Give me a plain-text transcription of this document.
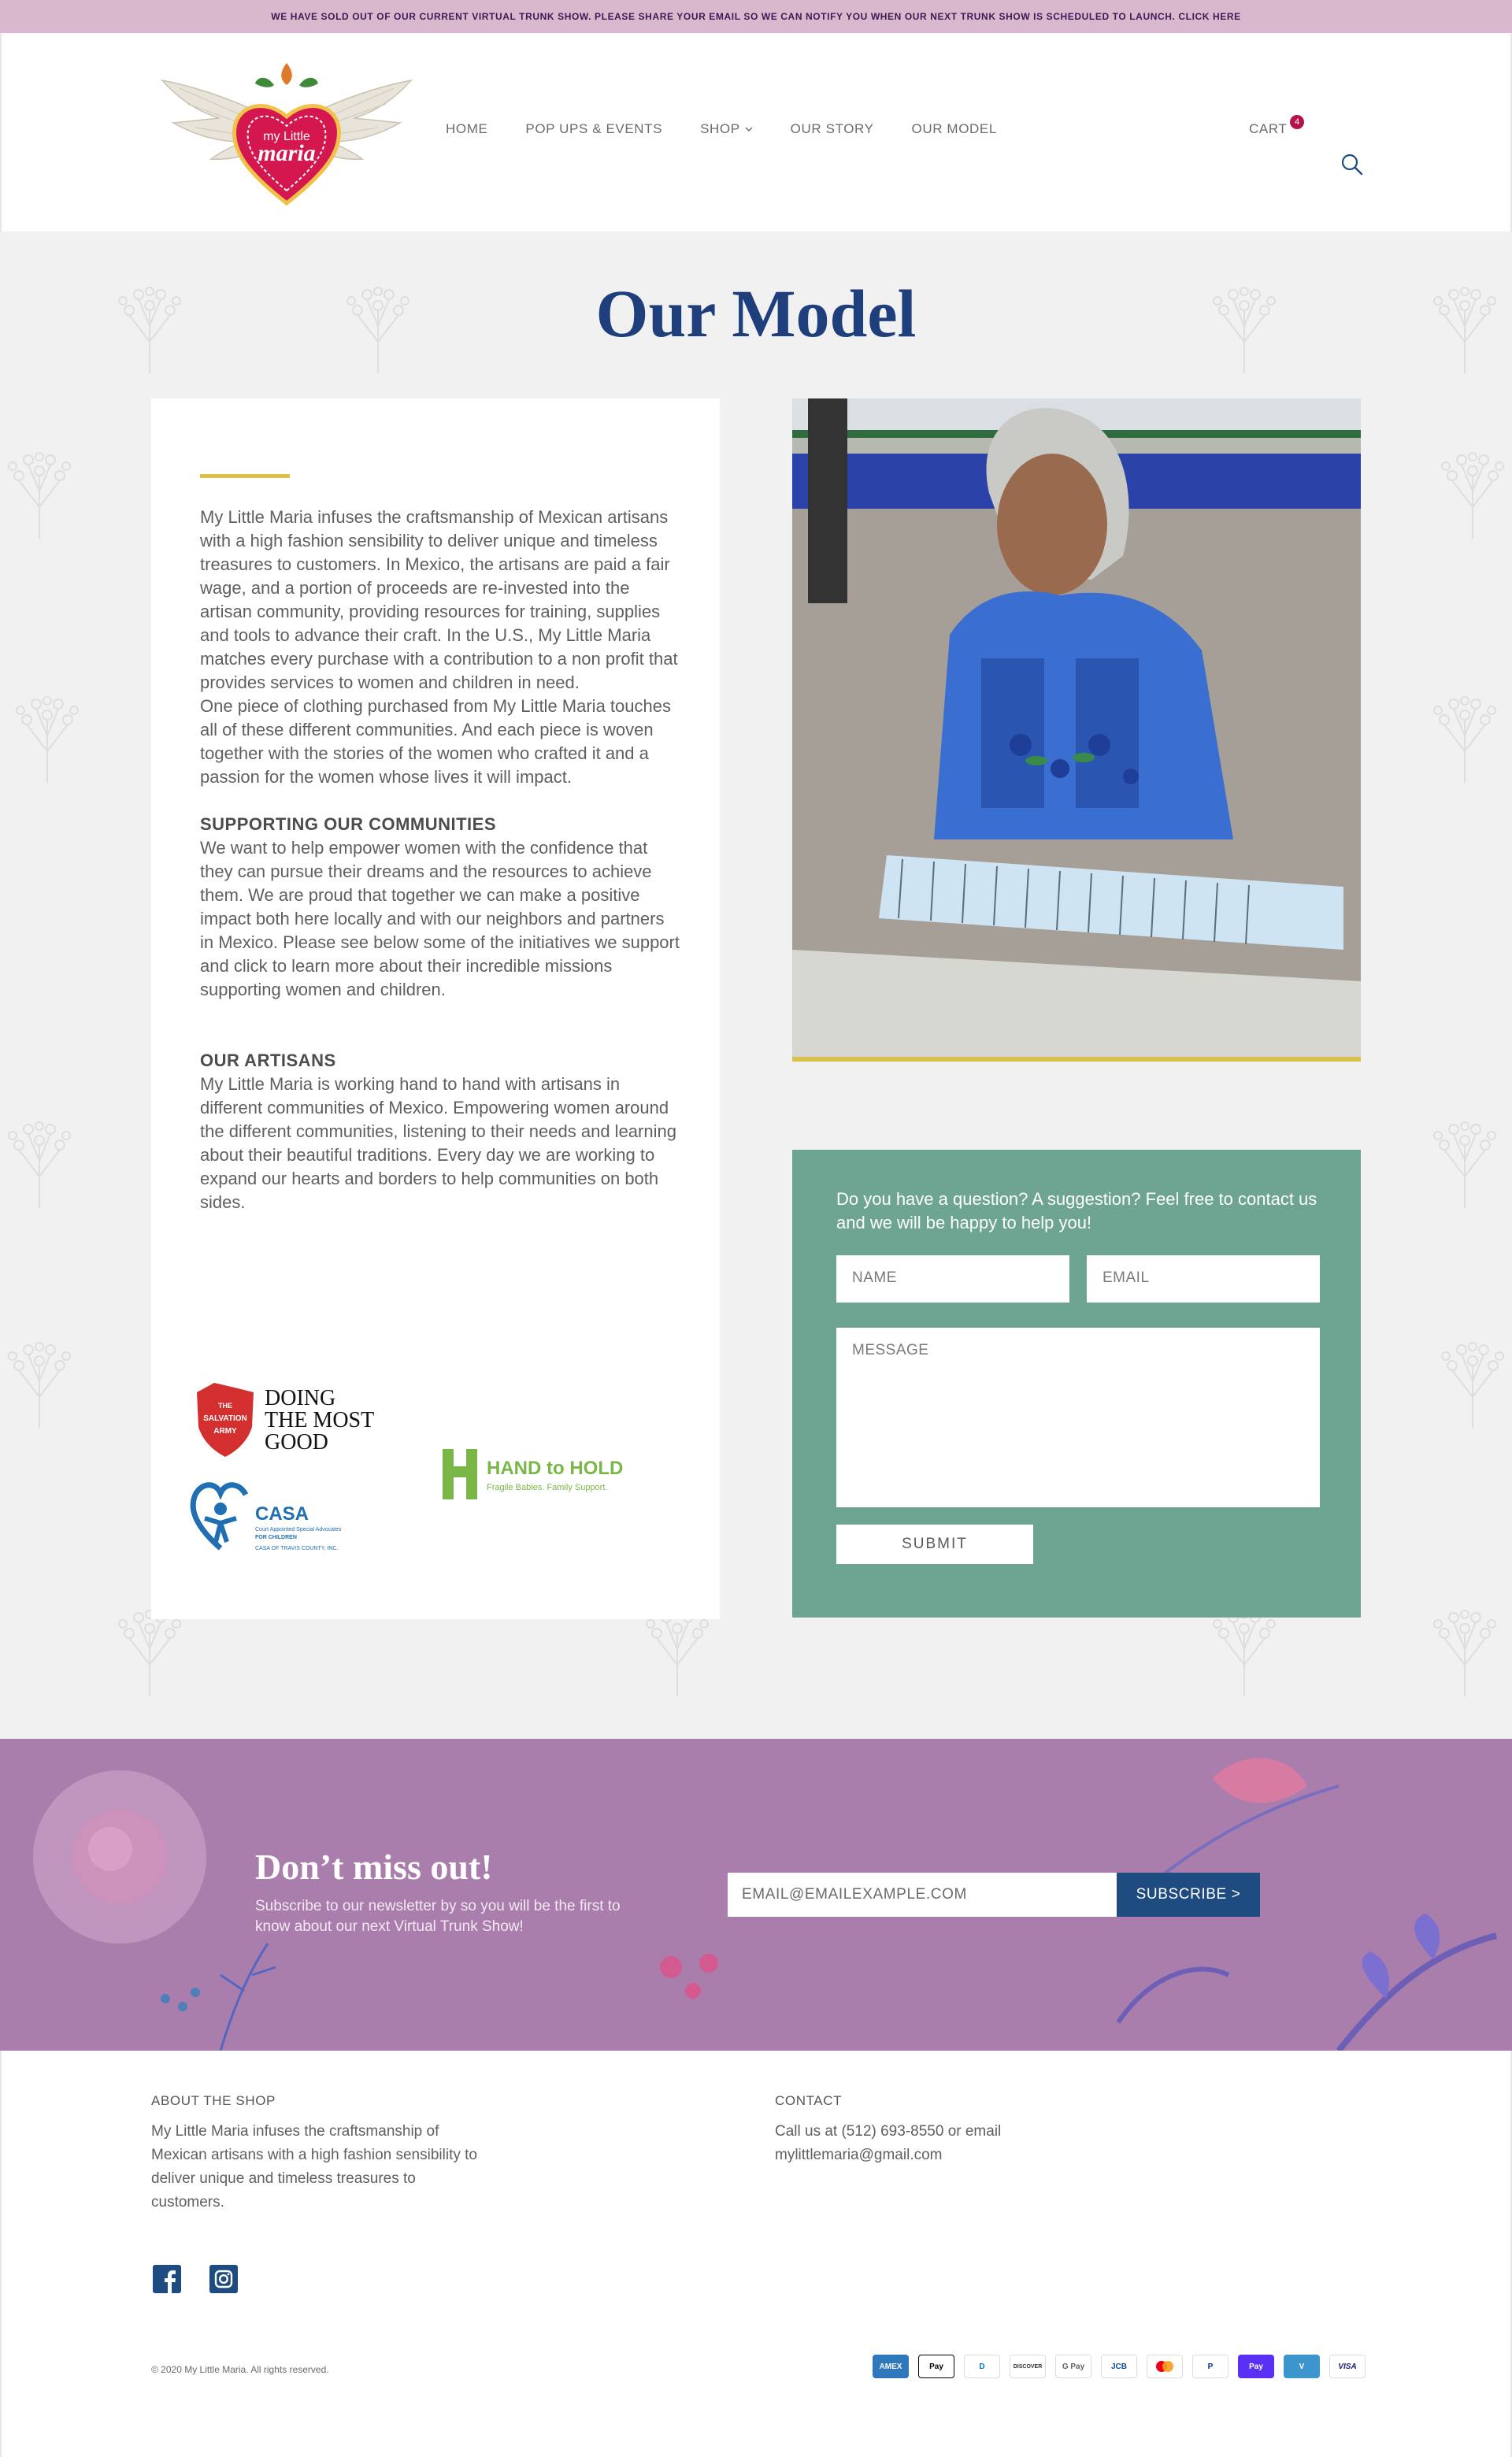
WE HAVE SOLD OUT OF OUR CURRENT VIRTUAL TRUNK SHOW. PLEASE SHARE YOUR EMAIL SO WE CAN NOTIFY YOU WHEN OUR NEXT TRUNK SHOW IS SCHEDULED TO LAUNCH. CLICK HERE
my Little
maria
HOME	POP UPS & EVENTS	SHOP	OUR STORY	OUR MODEL	CART 4
Our Model

My Little Maria infuses the craftsmanship of Mexican artisans with a high fashion sensibility to deliver unique and timeless treasures to customers. In Mexico, the artisans are paid a fair wage, and a portion of proceeds are re-invested into the artisan community, providing resources for training, supplies and tools to advance their craft. In the U.S., My Little Maria matches every purchase with a contribution to a non profit that provides services to women and children in need.

One piece of clothing purchased from My Little Maria touches all of these different communities. And each piece is woven together with the stories of the women who crafted it and a passion for the women whose lives it will impact.

SUPPORTING OUR COMMUNITIES

We want to help empower women with the confidence that they can pursue their dreams and the resources to achieve them. We are proud that together we can make a positive impact both here locally and with our neighbors and partners in Mexico. Please see below some of the initiatives we support and click to learn more about their incredible missions supporting women and children.

OUR ARTISANS

My Little Maria is working hand to hand with artisans in different communities of Mexico. Empowering women around the different communities, listening to their needs and learning about their beautiful traditions. Every day we are working to expand our hearts and borders to help communities on both sides.

THE
SALVATION
ARMY
DOING
THE MOST
GOOD
HAND to HOLD
Fragile Babies. Family Support.
CASA
Court Appointed Special Advocates
FOR CHILDREN
CASA OF TRAVIS COUNTY, INC.

Do you have a question? A suggestion? Feel free to contact us and we will be happy to help you!

NAME	EMAIL
MESSAGE
SUBMIT
Don’t miss out!

Subscribe to our newsletter by so you will be the first to know about our next Virtual Trunk Show!

EMAIL@EMAILEXAMPLE.COM	SUBSCRIBE >
ABOUT THE SHOP

My Little Maria infuses the craftsmanship of Mexican artisans with a high fashion sensibility to deliver unique and timeless treasures to customers.

CONTACT

Call us at (512) 693-8550 or email mylittlemaria@gmail.com

© 2020 My Little Maria. All rights reserved.	AMEX	Pay	D	DISCOVER	G Pay	JCB	P	Pay	V	VISA
